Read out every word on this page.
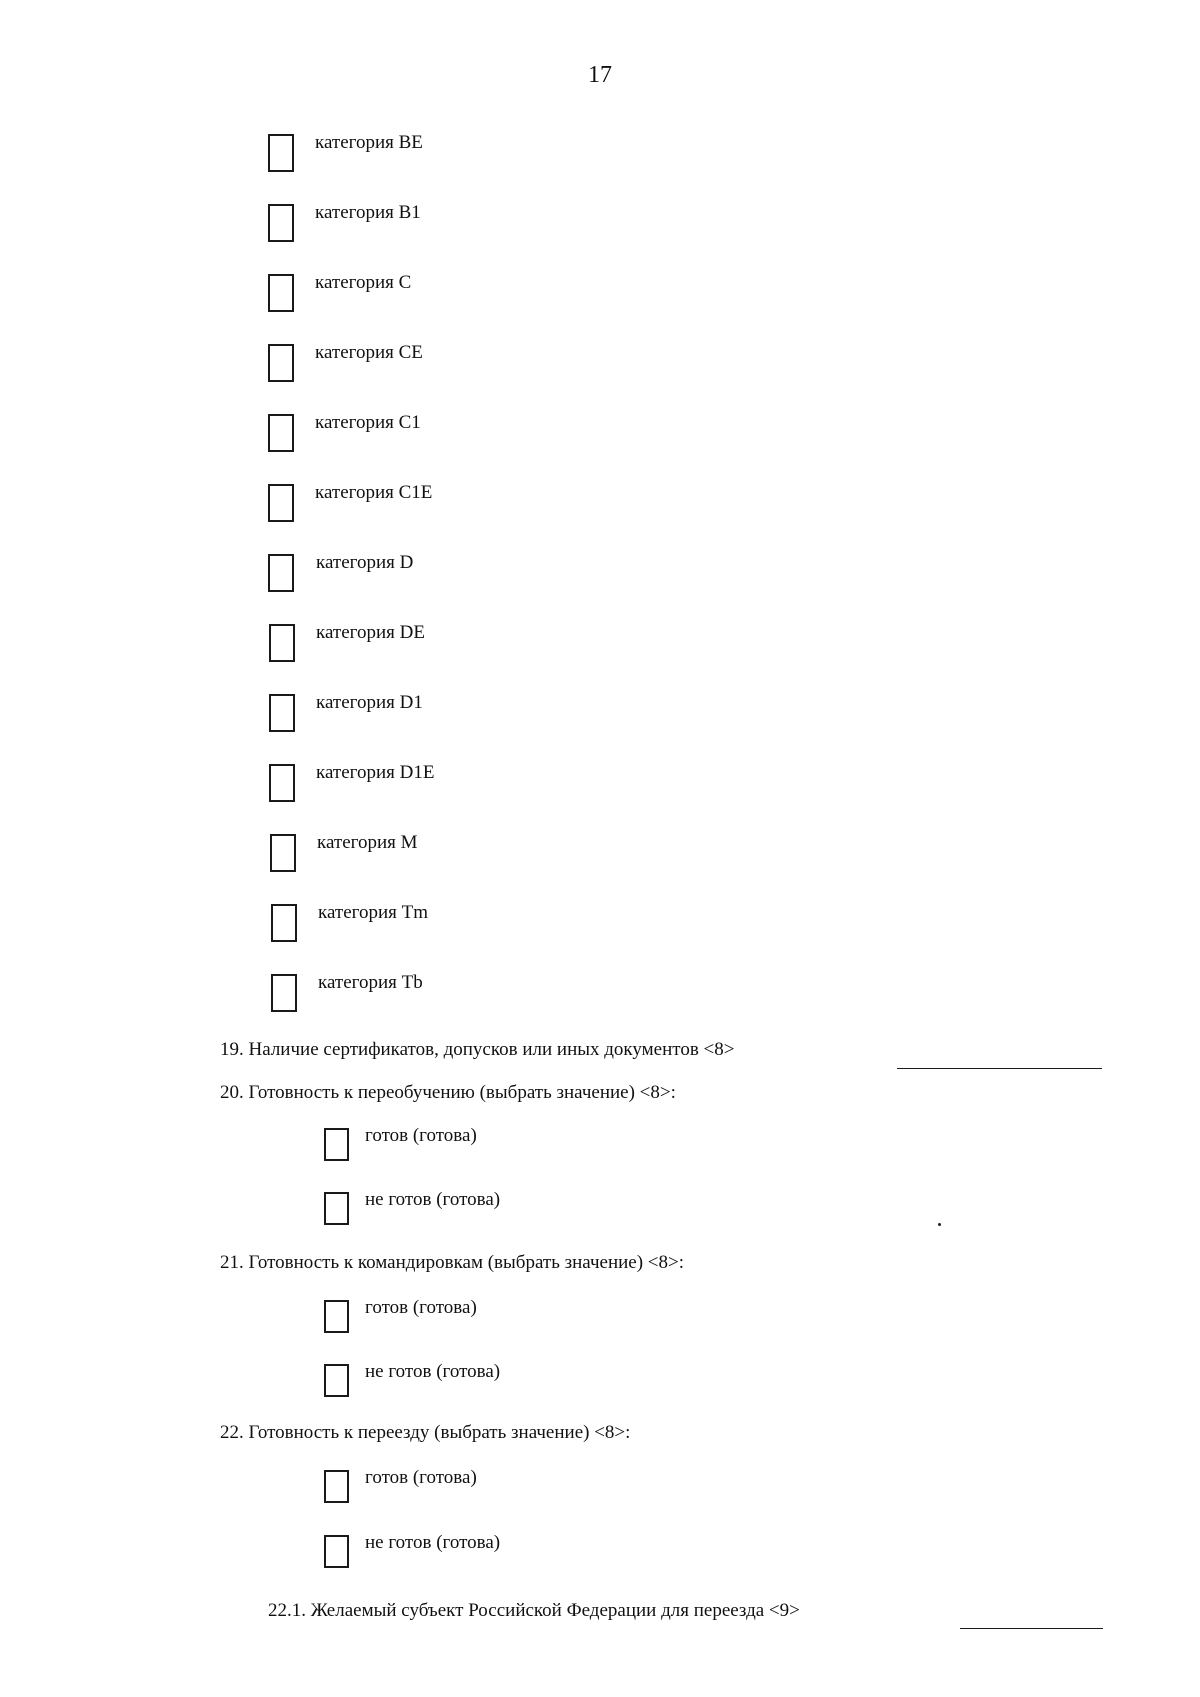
17
категория BE
категория B1
категория C
категория CE
категория C1
категория C1E
категория D
категория DE
категория D1
категория D1E
категория M
категория Tm
категория Tb
19. Наличие сертификатов, допусков или иных документов <8>
20. Готовность к переобучению (выбрать значение) <8>:
готов (готова)
не готов (готова)
21. Готовность к командировкам (выбрать значение) <8>:
готов (готова)
не готов (готова)
22. Готовность к переезду (выбрать значение) <8>:
готов (готова)
не готов (готова)
22.1. Желаемый субъект Российской Федерации для переезда <9>
